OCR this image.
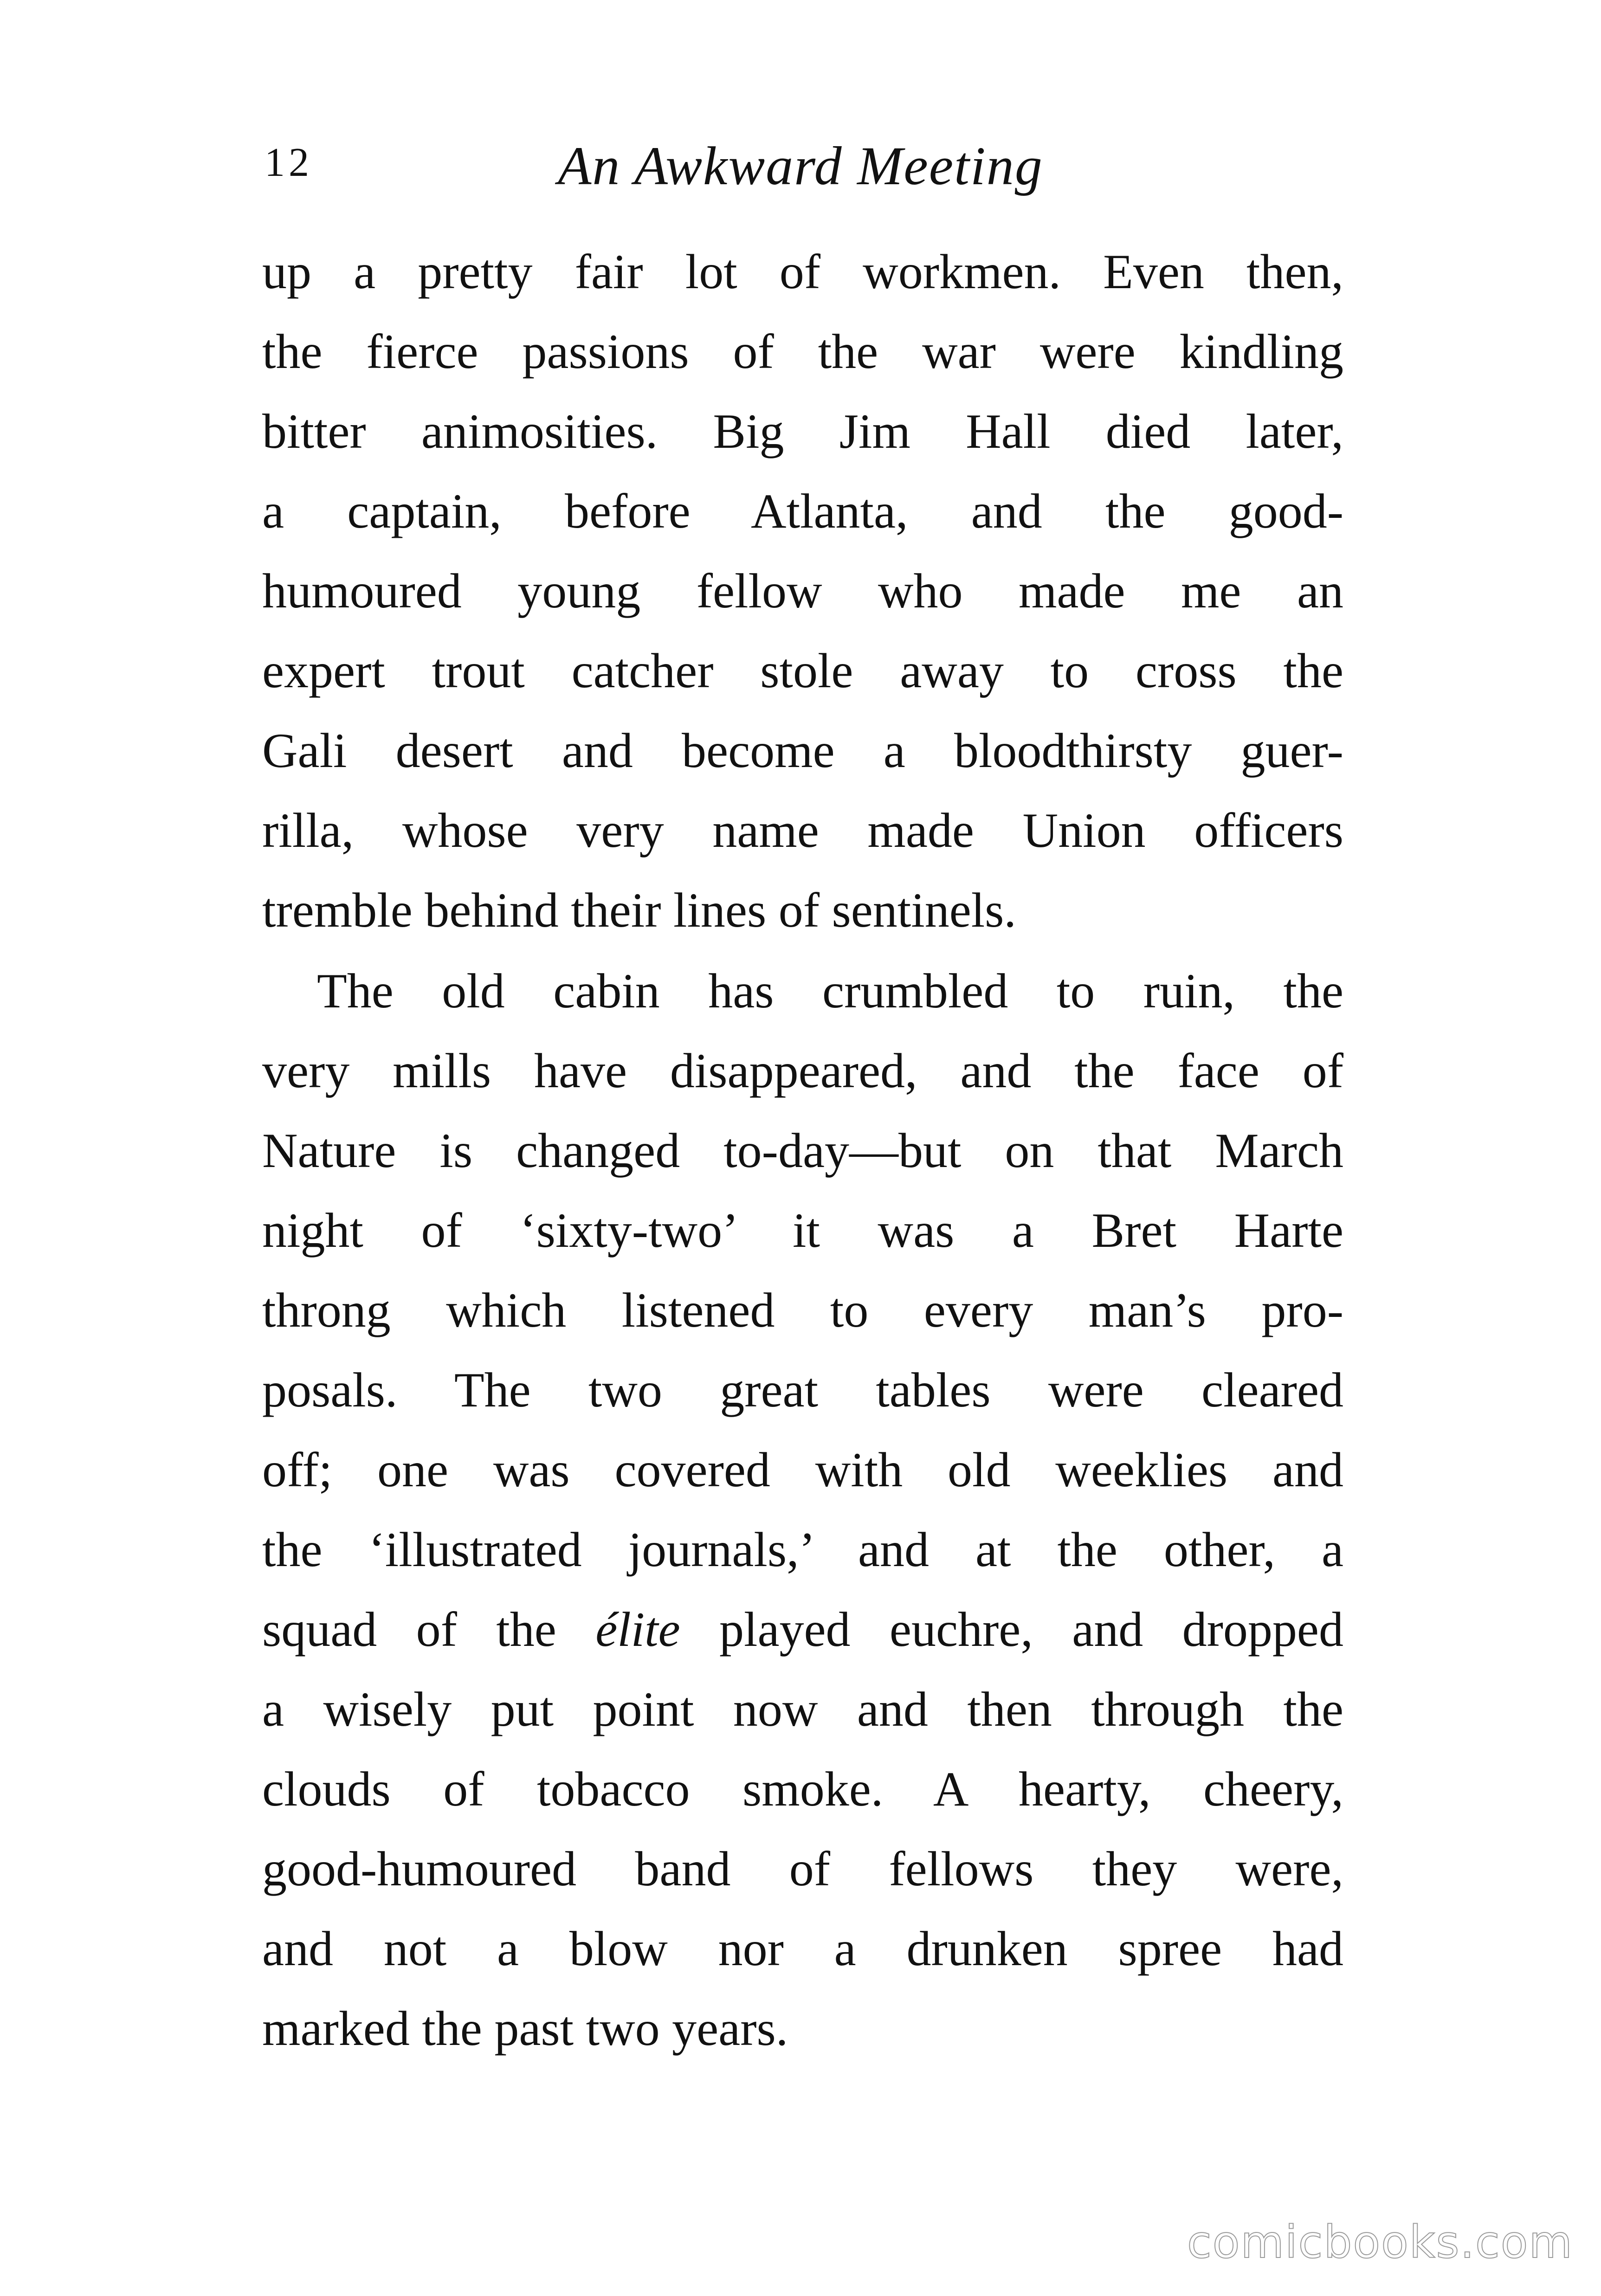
12	An Awkward Meeting
up a pretty fair lot of workmen. Even then,
the fierce passions of the war were kindling
bitter animosities. Big Jim Hall died later,
a captain, before Atlanta, and the good-
humoured young fellow who made me an
expert trout catcher stole away to cross the
Gali desert and become a bloodthirsty guer-
rilla, whose very name made Union officers
tremble behind their lines of sentinels.
The old cabin has crumbled to ruin, the
very mills have disappeared, and the face of
Nature is changed to-day—but on that March
night of ‘sixty-two’ it was a Bret Harte
throng which listened to every man’s pro-
posals. The two great tables were cleared
off; one was covered with old weeklies and
the ‘illustrated journals,’ and at the other, a
squad of the élite played euchre, and dropped
a wisely put point now and then through the
clouds of tobacco smoke. A hearty, cheery,
good-humoured band of fellows they were,
and not a blow nor a drunken spree had
marked the past two years.
comicbooks.com
